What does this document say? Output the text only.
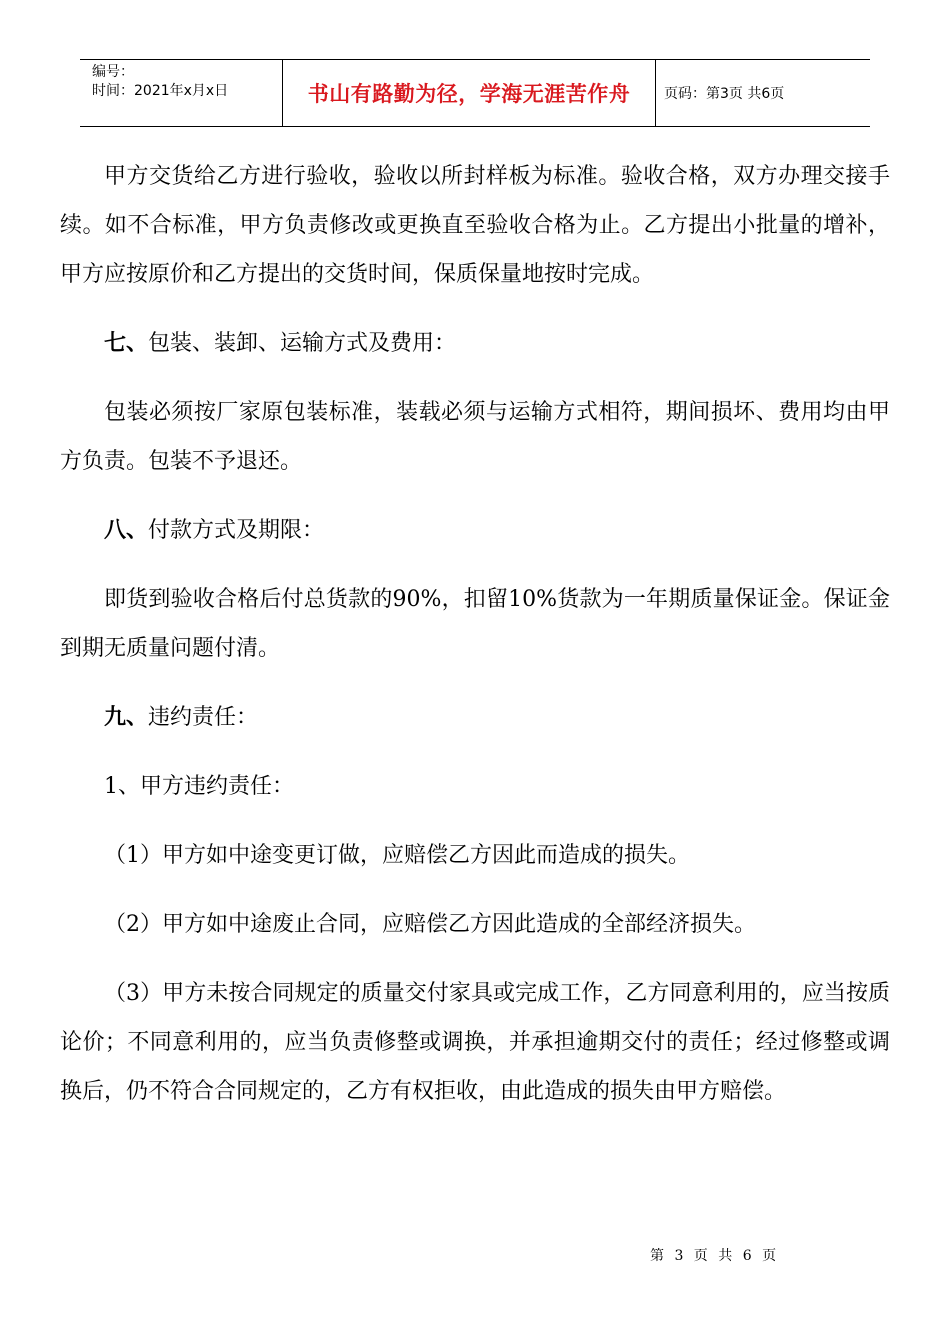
编号：
时间：2021年x月x日	书山有路勤为径，学海无涯苦作舟 页码：第3页 共6页

甲方交货给乙方进行验收，验收以所封样板为标准。验收合格，双方办理交接手续。如不合标准，甲方负责修改或更换直至验收合格为止。乙方提出小批量的增补，甲方应按原价和乙方提出的交货时间，保质保量地按时完成。

七、包装、装卸、运输方式及费用：

包装必须按厂家原包装标准，装载必须与运输方式相符，期间损坏、费用均由甲方负责。包装不予退还。

八、付款方式及期限：

即货到验收合格后付总货款的90%，扣留10%货款为一年期质量保证金。保证金到期无质量问题付清。

九、违约责任：

1、甲方违约责任：

（1）甲方如中途变更订做，应赔偿乙方因此而造成的损失。

（2）甲方如中途废止合同，应赔偿乙方因此造成的全部经济损失。

（3）甲方未按合同规定的质量交付家具或完成工作，乙方同意利用的，应当按质论价；不同意利用的，应当负责修整或调换，并承担逾期交付的责任；经过修整或调换后，仍不符合合同规定的，乙方有权拒收，由此造成的损失由甲方赔偿。

第 3 页 共 6 页
